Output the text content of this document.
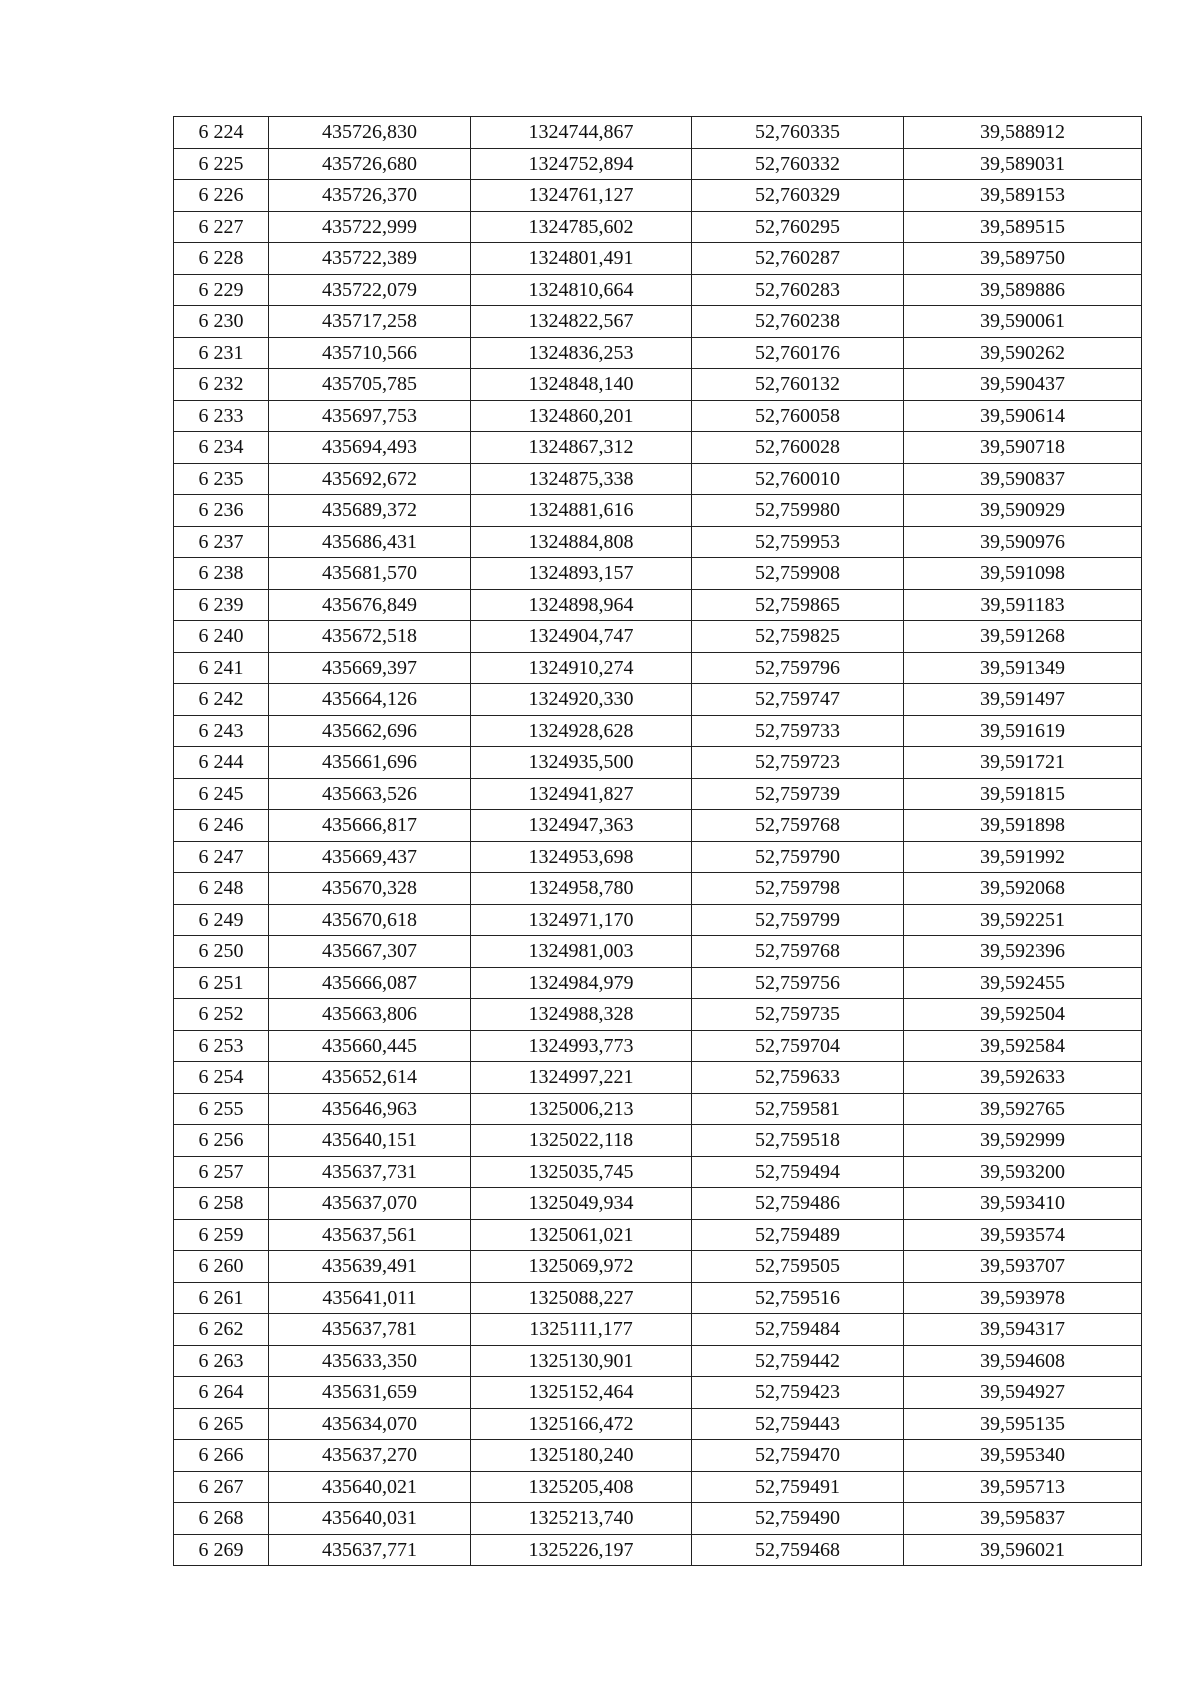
6 224	435726,830	1324744,867	52,760335	39,588912
6 225	435726,680	1324752,894	52,760332	39,589031
6 226	435726,370	1324761,127	52,760329	39,589153
6 227	435722,999	1324785,602	52,760295	39,589515
6 228	435722,389	1324801,491	52,760287	39,589750
6 229	435722,079	1324810,664	52,760283	39,589886
6 230	435717,258	1324822,567	52,760238	39,590061
6 231	435710,566	1324836,253	52,760176	39,590262
6 232	435705,785	1324848,140	52,760132	39,590437
6 233	435697,753	1324860,201	52,760058	39,590614
6 234	435694,493	1324867,312	52,760028	39,590718
6 235	435692,672	1324875,338	52,760010	39,590837
6 236	435689,372	1324881,616	52,759980	39,590929
6 237	435686,431	1324884,808	52,759953	39,590976
6 238	435681,570	1324893,157	52,759908	39,591098
6 239	435676,849	1324898,964	52,759865	39,591183
6 240	435672,518	1324904,747	52,759825	39,591268
6 241	435669,397	1324910,274	52,759796	39,591349
6 242	435664,126	1324920,330	52,759747	39,591497
6 243	435662,696	1324928,628	52,759733	39,591619
6 244	435661,696	1324935,500	52,759723	39,591721
6 245	435663,526	1324941,827	52,759739	39,591815
6 246	435666,817	1324947,363	52,759768	39,591898
6 247	435669,437	1324953,698	52,759790	39,591992
6 248	435670,328	1324958,780	52,759798	39,592068
6 249	435670,618	1324971,170	52,759799	39,592251
6 250	435667,307	1324981,003	52,759768	39,592396
6 251	435666,087	1324984,979	52,759756	39,592455
6 252	435663,806	1324988,328	52,759735	39,592504
6 253	435660,445	1324993,773	52,759704	39,592584
6 254	435652,614	1324997,221	52,759633	39,592633
6 255	435646,963	1325006,213	52,759581	39,592765
6 256	435640,151	1325022,118	52,759518	39,592999
6 257	435637,731	1325035,745	52,759494	39,593200
6 258	435637,070	1325049,934	52,759486	39,593410
6 259	435637,561	1325061,021	52,759489	39,593574
6 260	435639,491	1325069,972	52,759505	39,593707
6 261	435641,011	1325088,227	52,759516	39,593978
6 262	435637,781	1325111,177	52,759484	39,594317
6 263	435633,350	1325130,901	52,759442	39,594608
6 264	435631,659	1325152,464	52,759423	39,594927
6 265	435634,070	1325166,472	52,759443	39,595135
6 266	435637,270	1325180,240	52,759470	39,595340
6 267	435640,021	1325205,408	52,759491	39,595713
6 268	435640,031	1325213,740	52,759490	39,595837
6 269	435637,771	1325226,197	52,759468	39,596021
